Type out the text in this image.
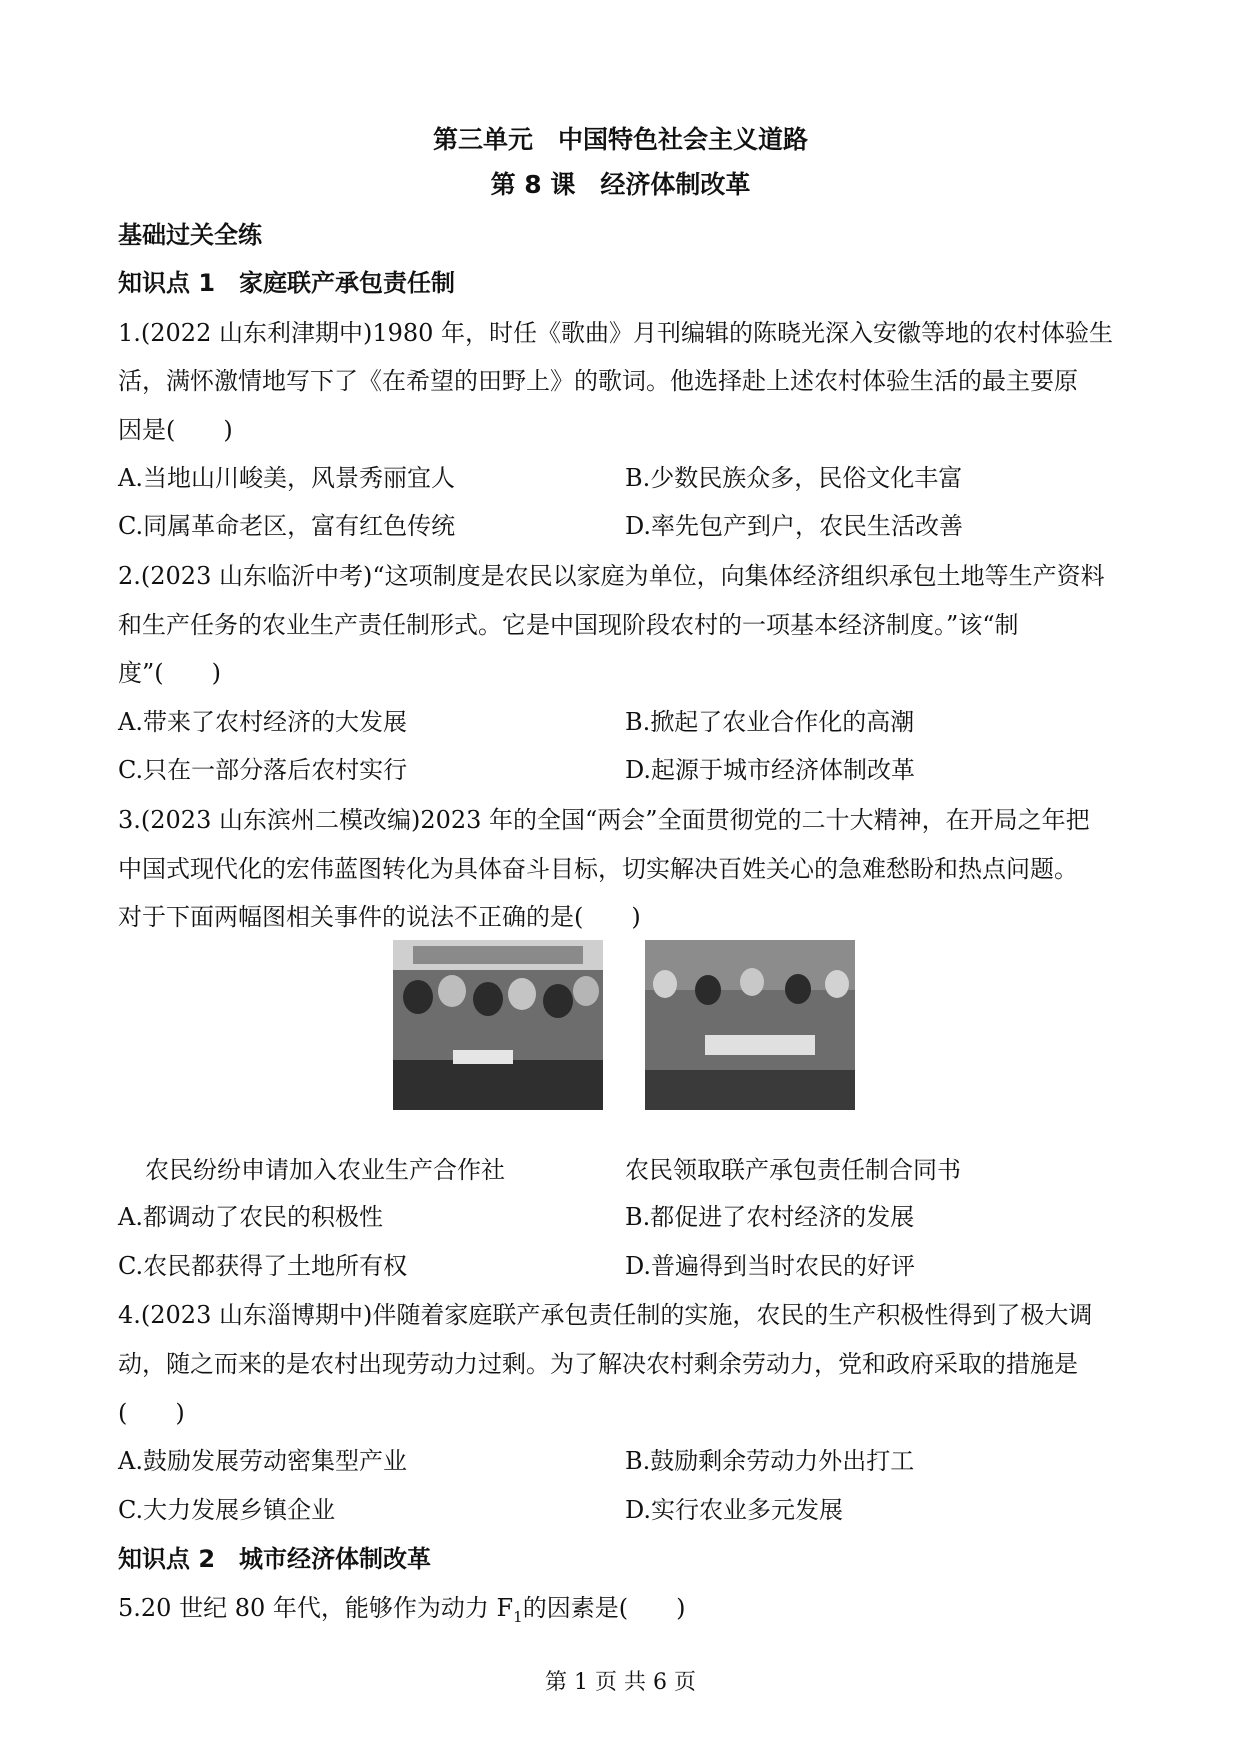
第三单元　中国特色社会主义道路
第 8 课　经济体制改革
基础过关全练
知识点 1　家庭联产承包责任制
1.(2022 山东利津期中)1980 年，时任《歌曲》月刊编辑的陈晓光深入安徽等地的农村体验生
活，满怀激情地写下了《在希望的田野上》的歌词。他选择赴上述农村体验生活的最主要原
因是(　　)
A.当地山川峻美，风景秀丽宜人	B.少数民族众多，民俗文化丰富
C.同属革命老区，富有红色传统	D.率先包产到户，农民生活改善
2.(2023 山东临沂中考)“这项制度是农民以家庭为单位，向集体经济组织承包土地等生产资料
和生产任务的农业生产责任制形式。它是中国现阶段农村的一项基本经济制度。”该“制
度”(　　)
A.带来了农村经济的大发展	B.掀起了农业合作化的高潮
C.只在一部分落后农村实行	D.起源于城市经济体制改革
3.(2023 山东滨州二模改编)2023 年的全国“两会”全面贯彻党的二十大精神，在开局之年把
中国式现代化的宏伟蓝图转化为具体奋斗目标，切实解决百姓关心的急难愁盼和热点问题。
对于下面两幅图相关事件的说法不正确的是(　　)
农民纷纷申请加入农业生产合作社	农民领取联产承包责任制合同书
A.都调动了农民的积极性	B.都促进了农村经济的发展
C.农民都获得了土地所有权	D.普遍得到当时农民的好评
4.(2023 山东淄博期中)伴随着家庭联产承包责任制的实施，农民的生产积极性得到了极大调
动，随之而来的是农村出现劳动力过剩。为了解决农村剩余劳动力，党和政府采取的措施是
(　　)
A.鼓励发展劳动密集型产业	B.鼓励剩余劳动力外出打工
C.大力发展乡镇企业	D.实行农业多元发展
知识点 2　城市经济体制改革
5.20 世纪 80 年代，能够作为动力 $F_1$的因素是(　　)
第 1 页 共 6 页
